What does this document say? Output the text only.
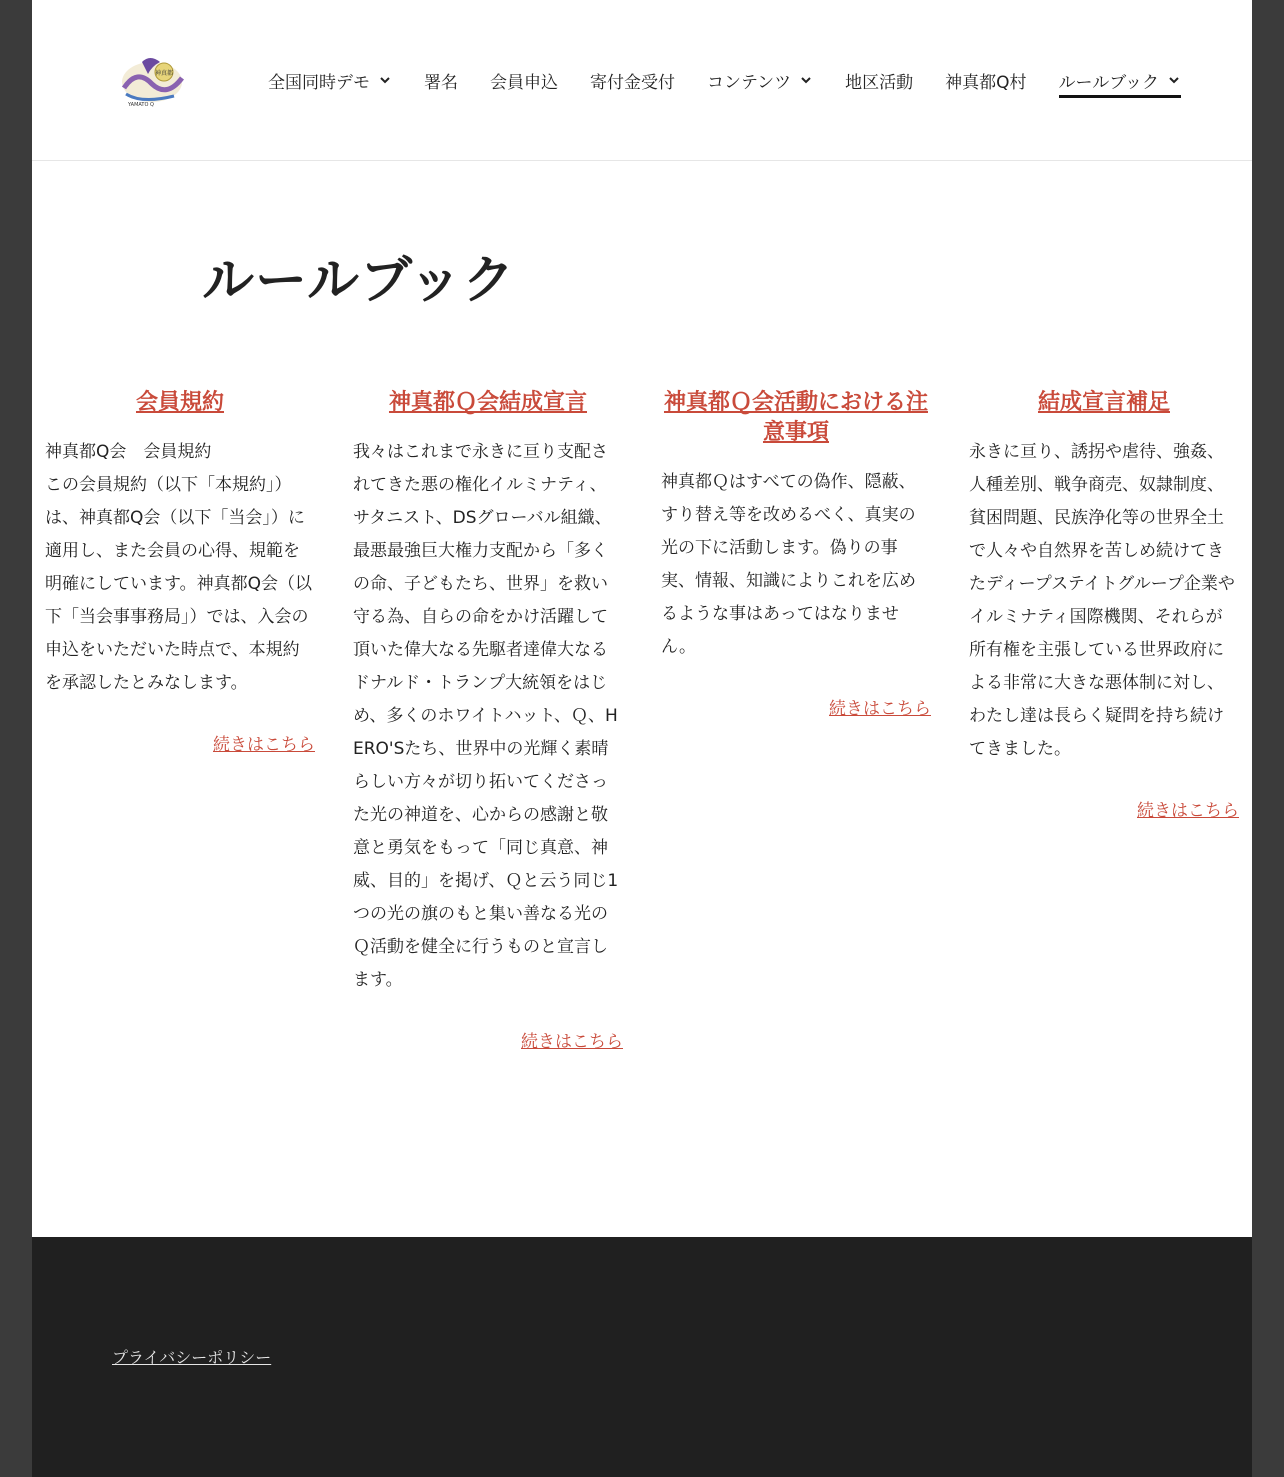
神真都
YAMATO Q
全国同時デモ	署名 会員申込 寄付金受付 コンテンツ	地区活動 神真都Q村 ルールブック
ルールブック
会員規約

神真都Q会　会員規約
この会員規約（以下「本規約」）は、神真都Q会（以下「当会」）に適用し、また会員の心得、規範を明確にしています。神真都Q会（以下「当会事事務局」）では、入会の申込をいただいた時点で、本規約を承認したとみなします。

続きはこちら
神真都Ｑ会結成宣言

我々はこれまで永きに亘り支配されてきた悪の権化イルミナティ、サタニスト、DSグローバル組織、最悪最強巨大権力支配から「多くの命、子どもたち、世界」を救い守る為、自らの命をかけ活躍して頂いた偉大なる先駆者達偉大なるドナルド・トランプ大統領をはじめ、多くのホワイトハット、Ｑ、HERO'Sたち、世界中の光輝く素晴らしい方々が切り拓いてくださった光の神道を、心からの感謝と敬意と勇気をもって「同じ真意、神威、目的」を掲げ、Ｑと云う同じ1つの光の旗のもと集い善なる光のＱ活動を健全に行うものと宣言します。

続きはこちら
神真都Ｑ会活動における注意事項

神真都Ｑはすべての偽作、隠蔽、すり替え等を改めるべく、真実の光の下に活動します。偽りの事実、情報、知識によりこれを広めるような事はあってはなりません。

続きはこちら
結成宣言補足

永きに亘り、誘拐や虐待、強姦、人種差別、戦争商売、奴隷制度、貧困問題、民族浄化等の世界全土で人々や自然界を苦しめ続けてきたディープステイトグループ企業やイルミナティ国際機関、それらが所有権を主張している世界政府による非常に大きな悪体制に対し、わたし達は長らく疑問を持ち続けてきました。

続きはこちら
プライバシーポリシー
